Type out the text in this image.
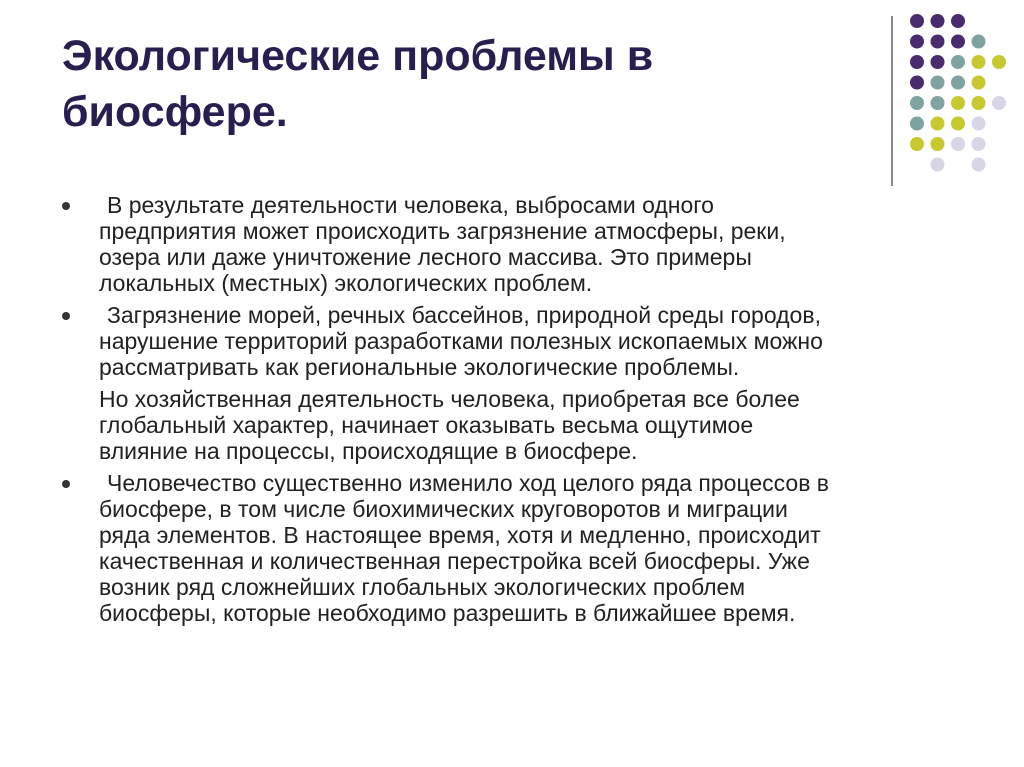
Экологические проблемы в
биосфере.

В результате деятельности человека, выбросами одного
предприятия может происходить загрязнение атмосферы, реки,
озера или даже уничтожение лесного массива. Это примеры
локальных (местных) экологических проблем.

Загрязнение морей, речных бассейнов, природной среды городов,
нарушение территорий разработками полезных ископаемых можно
рассматривать как региональные экологические проблемы.

Но хозяйственная деятельность человека, приобретая все более
глобальный характер, начинает оказывать весьма ощутимое
влияние на процессы, происходящие в биосфере.

Человечество существенно изменило ход целого ряда процессов в
биосфере, в том числе биохимических круговоротов и миграции
ряда элементов. В настоящее время, хотя и медленно, происходит
качественная и количественная перестройка всей биосферы. Уже
возник ряд сложнейших глобальных экологических проблем
биосферы, которые необходимо разрешить в ближайшее время.
